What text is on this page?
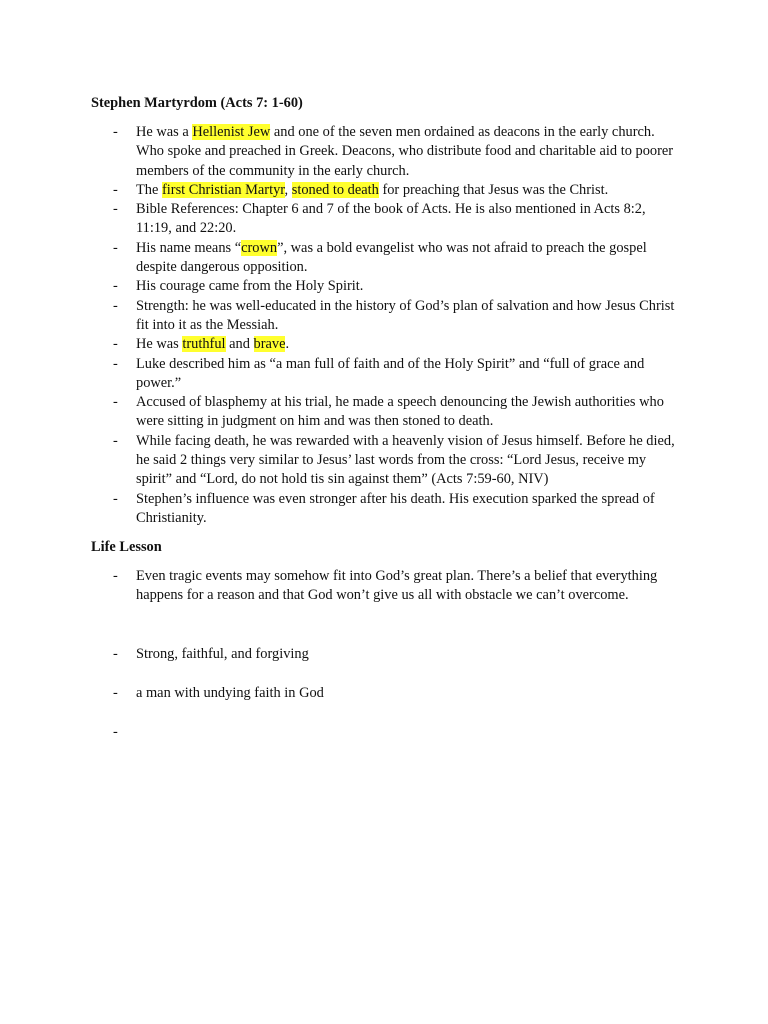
Stephen Martyrdom (Acts 7: 1-60)
- He was a Hellenist Jew and one of the seven men ordained as deacons in the early church. Who spoke and preached in Greek. Deacons, who distribute food and charitable aid to poorer members of the community in the early church.
- The first Christian Martyr, stoned to death for preaching that Jesus was the Christ.
- Bible References: Chapter 6 and 7 of the book of Acts. He is also mentioned in Acts 8:2, 11:19, and 22:20.
- His name means “crown”, was a bold evangelist who was not afraid to preach the gospel despite dangerous opposition.
- His courage came from the Holy Spirit.
- Strength: he was well-educated in the history of God’s plan of salvation and how Jesus Christ fit into it as the Messiah.
- He was truthful and brave.
- Luke described him as “a man full of faith and of the Holy Spirit” and “full of grace and power.”
- Accused of blasphemy at his trial, he made a speech denouncing the Jewish authorities who were sitting in judgment on him and was then stoned to death.
- While facing death, he was rewarded with a heavenly vision of Jesus himself. Before he died, he said 2 things very similar to Jesus’ last words from the cross: “Lord Jesus, receive my spirit” and “Lord, do not hold tis sin against them” (Acts 7:59-60, NIV)
- Stephen’s influence was even stronger after his death. His execution sparked the spread of Christianity.
Life Lesson
- Even tragic events may somehow fit into God’s great plan. There’s a belief that everything happens for a reason and that God won’t give us all with obstacle we can’t overcome.
- Strong, faithful, and forgiving
- a man with undying faith in God
-
